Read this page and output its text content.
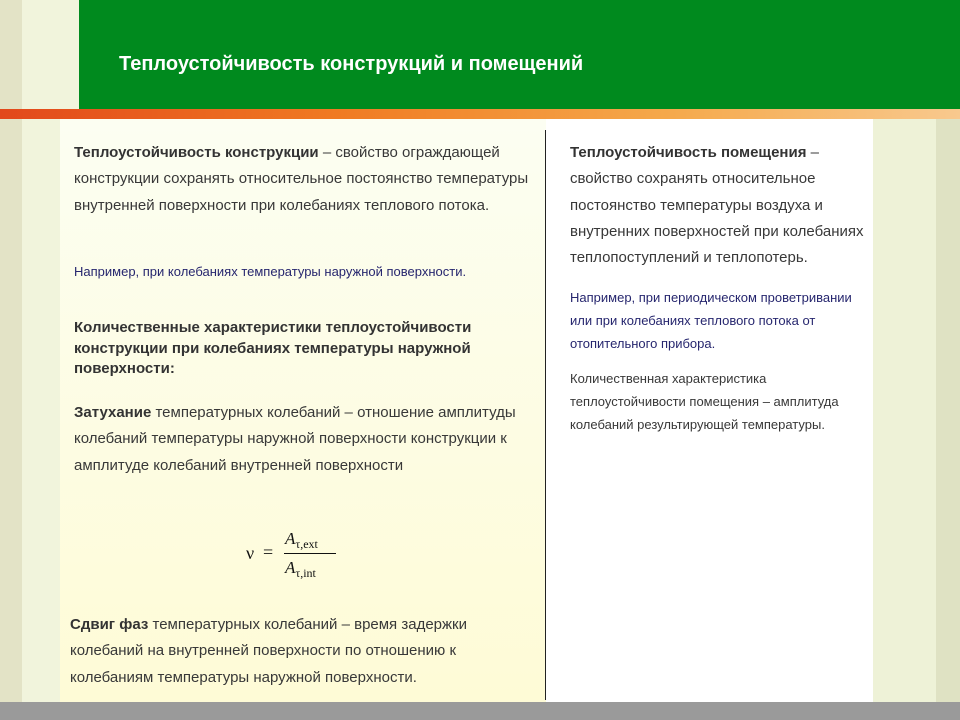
Теплоустойчивость конструкций и помещений

Теплоустойчивость конструкции – свойство ограждающей конструкции сохранять относительное постоянство температуры внутренней поверхности при колебаниях теплового потока.

Например, при колебаниях температуры наружной поверхности.

Количественные характеристики теплоустойчивости конструкции при колебаниях температуры наружной поверхности:

Затухание температурных колебаний – отношение амплитуды колебаний температуры наружной поверхности конструкции к амплитуде колебаний внутренней поверхности

ν =
$A_{\tau,ext}$
$A_{\tau,int}$

Сдвиг фаз температурных колебаний – время задержки колебаний на внутренней поверхности по отношению к колебаниям температуры наружной поверхности.

Теплоустойчивость помещения – свойство сохранять относительное постоянство температуры воздуха и внутренних поверхностей при колебаниях теплопоступлений и теплопотерь.

Например, при периодическом проветривании или при колебаниях теплового потока от отопительного прибора.

Количественная характеристика теплоустойчивости помещения – амплитуда колебаний результирующей температуры.
